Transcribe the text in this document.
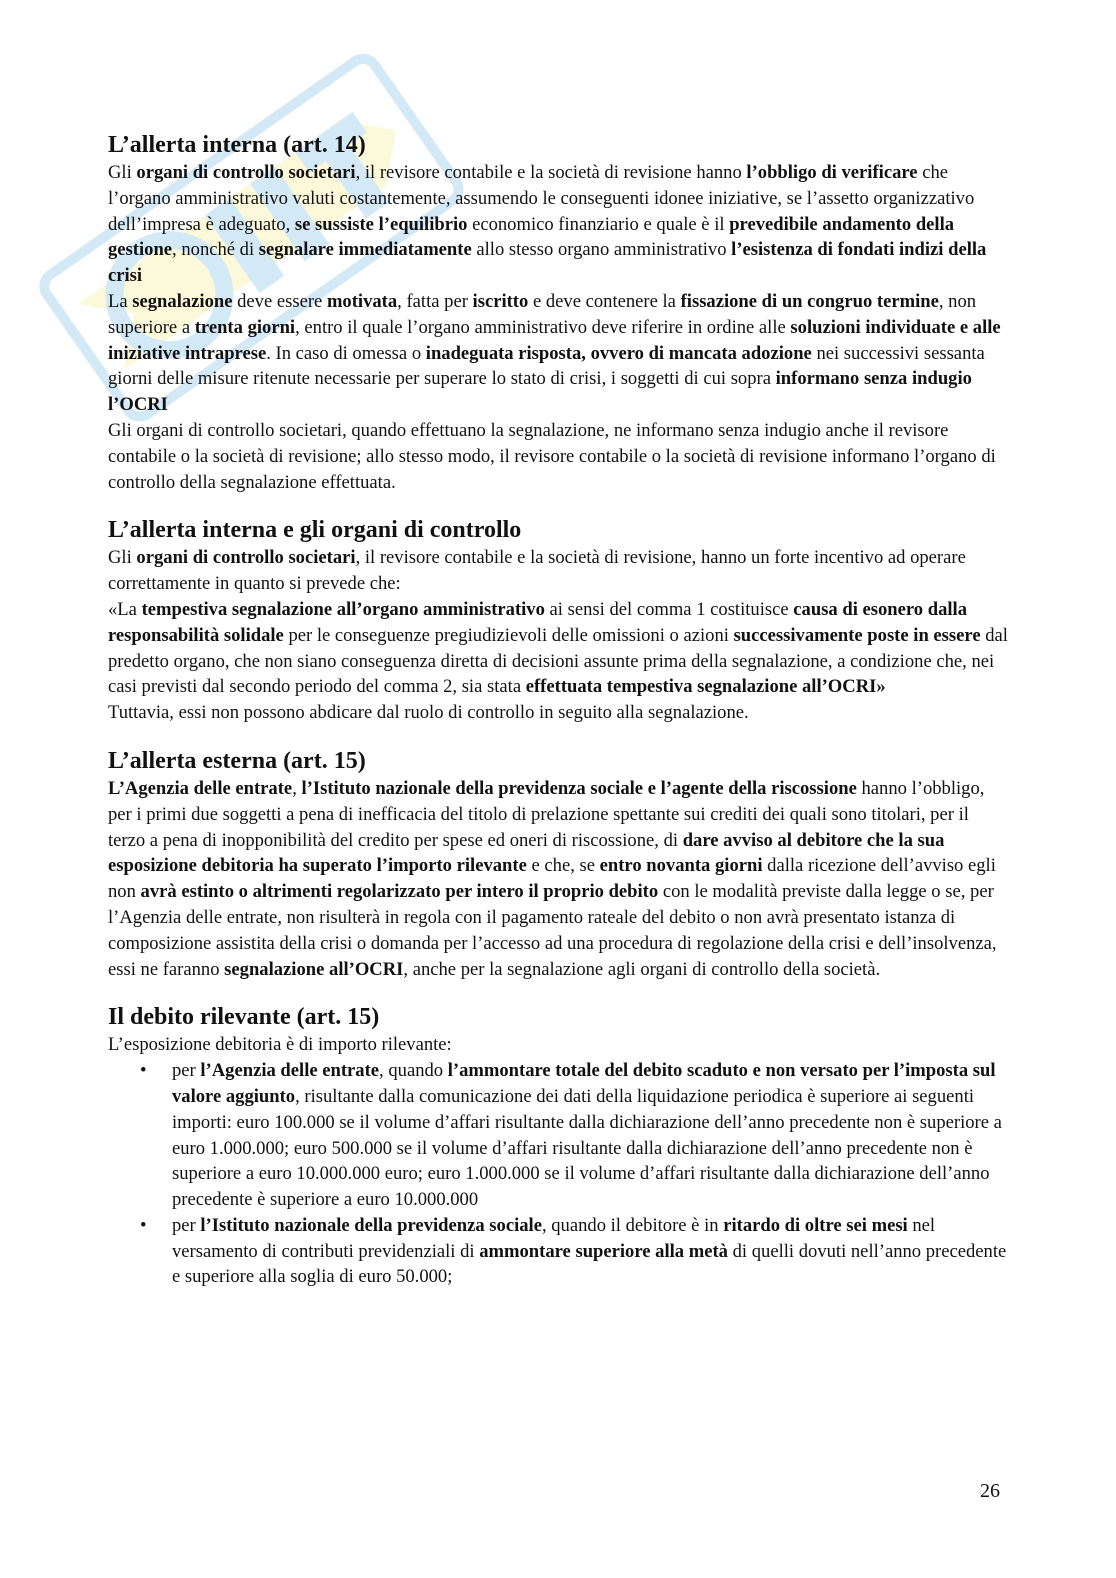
L’allerta interna (art. 14)

Gli organi di controllo societari, il revisore contabile e la società di revisione hanno l’obbligo di verificare che l’organo amministrativo valuti costantemente, assumendo le conseguenti idonee iniziative, se l’assetto organizzativo dell’impresa è adeguato, se sussiste l’equilibrio economico finanziario e quale è il prevedibile andamento della gestione, nonché di segnalare immediatamente allo stesso organo amministrativo l’esistenza di fondati indizi della crisi

La segnalazione deve essere motivata, fatta per iscritto e deve contenere la fissazione di un congruo termine, non superiore a trenta giorni, entro il quale l’organo amministrativo deve riferire in ordine alle soluzioni individuate e alle iniziative intraprese. In caso di omessa o inadeguata risposta, ovvero di mancata adozione nei successivi sessanta giorni delle misure ritenute necessarie per superare lo stato di crisi, i soggetti di cui sopra informano senza indugio l’OCRI

Gli organi di controllo societari, quando effettuano la segnalazione, ne informano senza indugio anche il revisore contabile o la società di revisione; allo stesso modo, il revisore contabile o la società di revisione informano l’organo di controllo della segnalazione effettuata.

L’allerta interna e gli organi di controllo

Gli organi di controllo societari, il revisore contabile e la società di revisione, hanno un forte incentivo ad operare correttamente in quanto si prevede che:

«La tempestiva segnalazione all’organo amministrativo ai sensi del comma 1 costituisce causa di esonero dalla responsabilità solidale per le conseguenze pregiudizievoli delle omissioni o azioni successivamente poste in essere dal predetto organo, che non siano conseguenza diretta di decisioni assunte prima della segnalazione, a condizione che, nei casi previsti dal secondo periodo del comma 2, sia stata effettuata tempestiva segnalazione all’OCRI»

Tuttavia, essi non possono abdicare dal ruolo di controllo in seguito alla segnalazione.

L’allerta esterna (art. 15)

L’Agenzia delle entrate, l’Istituto nazionale della previdenza sociale e l’agente della riscossione hanno l’obbligo, per i primi due soggetti a pena di inefficacia del titolo di prelazione spettante sui crediti dei quali sono titolari, per il terzo a pena di inopponibilità del credito per spese ed oneri di riscossione, di dare avviso al debitore che la sua esposizione debitoria ha superato l’importo rilevante e che, se entro novanta giorni dalla ricezione dell’avviso egli non avrà estinto o altrimenti regolarizzato per intero il proprio debito con le modalità previste dalla legge o se, per l’Agenzia delle entrate, non risulterà in regola con il pagamento rateale del debito o non avrà presentato istanza di composizione assistita della crisi o domanda per l’accesso ad una procedura di regolazione della crisi e dell’insolvenza, essi ne faranno segnalazione all’OCRI, anche per la segnalazione agli organi di controllo della società.

Il debito rilevante (art. 15)

L’esposizione debitoria è di importo rilevante:

• per l’Agenzia delle entrate, quando l’ammontare totale del debito scaduto e non versato per l’imposta sul valore aggiunto, risultante dalla comunicazione dei dati della liquidazione periodica è superiore ai seguenti importi: euro 100.000 se il volume d’affari risultante dalla dichiarazione dell’anno precedente non è superiore a euro 1.000.000; euro 500.000 se il volume d’affari risultante dalla dichiarazione dell’anno precedente non è superiore a euro 10.000.000 euro; euro 1.000.000 se il volume d’affari risultante dalla dichiarazione dell’anno precedente è superiore a euro 10.000.000
• per l’Istituto nazionale della previdenza sociale, quando il debitore è in ritardo di oltre sei mesi nel versamento di contributi previdenziali di ammontare superiore alla metà di quelli dovuti nell’anno precedente e superiore alla soglia di euro 50.000;
26
